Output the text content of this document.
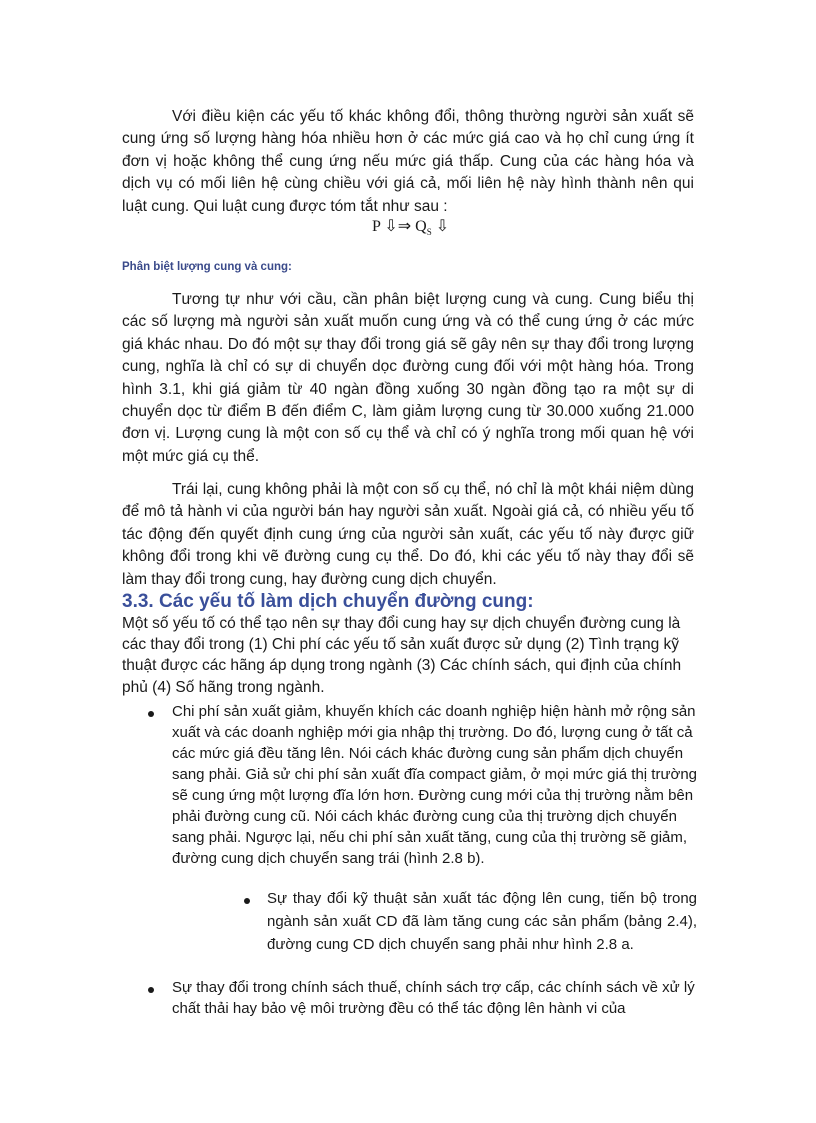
Với điều kiện các yếu tố khác không đổi, thông thường người sản xuất sẽ cung ứng số lượng hàng hóa nhiều hơn ở các mức giá cao và họ chỉ cung ứng ít đơn vị hoặc không thể cung ứng nếu mức giá thấp. Cung của các hàng hóa và dịch vụ có mối liên hệ cùng chiều với giá cả, mối liên hệ này hình thành nên qui luật cung. Qui luật cung được tóm tắt như sau :

P ⇩⇒ $Q_S$ ⇩

Phân biệt lượng cung và cung:

Tương tự như với cầu, cần phân biệt lượng cung và cung. Cung biểu thị các số lượng mà người sản xuất muốn cung ứng và có thể cung ứng ở các mức giá khác nhau. Do đó một sự thay đổi trong giá sẽ gây nên sự thay đổi trong lượng cung, nghĩa là chỉ có sự di chuyển dọc đường cung đối với một hàng hóa. Trong hình 3.1, khi giá giảm từ 40 ngàn đồng xuống 30 ngàn đồng tạo ra một sự di chuyển dọc từ điểm B đến điểm C, làm giảm lượng cung từ 30.000 xuống 21.000 đơn vị. Lượng cung là một con số cụ thể và chỉ có ý nghĩa trong mối quan hệ với một mức giá cụ thể.

Trái lại, cung không phải là một con số cụ thể, nó chỉ là một khái niệm dùng để mô tả hành vi của người bán hay người sản xuất. Ngoài giá cả, có nhiều yếu tố tác động đến quyết định cung ứng của người sản xuất, các yếu tố này được giữ không đổi trong khi vẽ đường cung cụ thể. Do đó, khi các yếu tố này thay đổi sẽ làm thay đổi trong cung, hay đường cung dịch chuyển.

3.3. Các yếu tố làm dịch chuyển đường cung:

Một số yếu tố có thể tạo nên sự thay đổi cung hay sự dịch chuyển đường cung là các thay đổi trong (1) Chi phí các yếu tố sản xuất được sử dụng (2) Tình trạng kỹ thuật được các hãng áp dụng trong ngành (3) Các chính sách, qui định của chính phủ (4) Số hãng trong ngành.

Chi phí sản xuất giảm, khuyến khích các doanh nghiệp hiện hành mở rộng sản xuất và các doanh nghiệp mới gia nhập thị trường. Do đó, lượng cung ở tất cả các mức giá đều tăng lên. Nói cách khác đường cung sản phẩm dịch chuyển sang phải. Giả sử chi phí sản xuất đĩa compact giảm, ở mọi mức giá thị trường sẽ cung ứng một lượng đĩa lớn hơn. Đường cung mới của thị trường nằm bên phải đường cung cũ. Nói cách khác đường cung của thị trường dịch chuyển sang phải. Ngược lại, nếu chi phí sản xuất tăng, cung của thị trường sẽ giảm, đường cung dịch chuyển sang trái (hình 2.8 b).

Sự thay đổi kỹ thuật sản xuất tác động lên cung, tiến bộ trong ngành sản xuất CD đã làm tăng cung các sản phẩm (bảng 2.4), đường cung CD dịch chuyển sang phải như hình 2.8 a.

Sự thay đổi trong chính sách thuế, chính sách trợ cấp, các chính sách về xử lý chất thải hay bảo vệ môi trường đều có thể tác động lên hành vi của
